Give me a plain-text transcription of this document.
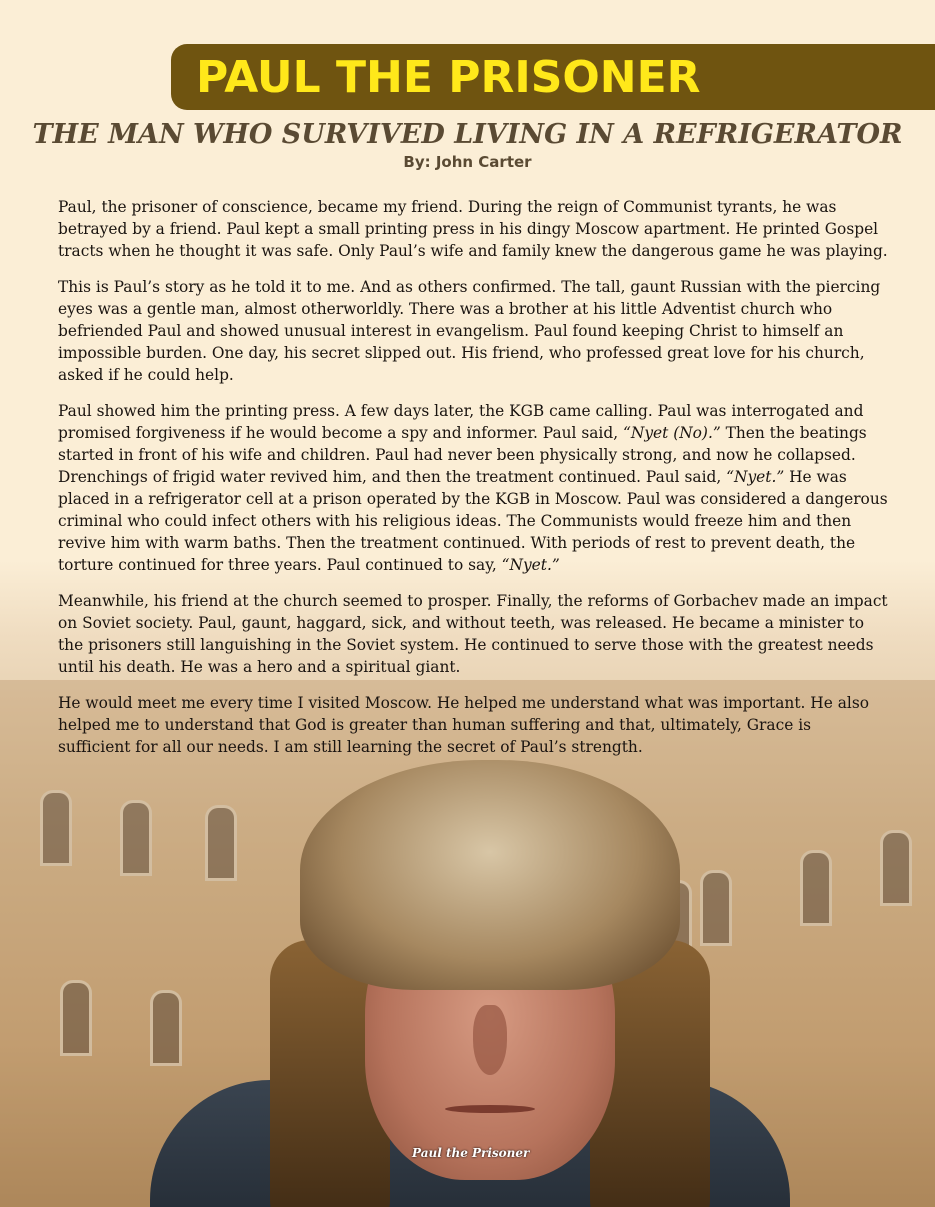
PAUL THE PRISONER
THE MAN WHO SURVIVED LIVING IN A REFRIGERATOR
By: John Carter

Paul, the prisoner of conscience, became my friend. During the reign of Communist tyrants, he was betrayed by a friend. Paul kept a small printing press in his dingy Moscow apartment. He printed Gospel tracts when he thought it was safe. Only Paul’s wife and family knew the dangerous game he was playing.

This is Paul’s story as he told it to me. And as others confirmed. The tall, gaunt Russian with the piercing eyes was a gentle man, almost otherworldly. There was a brother at his little Adventist church who befriended Paul and showed unusual interest in evangelism. Paul found keeping Christ to himself an impossible burden. One day, his secret slipped out. His friend, who professed great love for his church, asked if he could help.

Paul showed him the printing press. A few days later, the KGB came calling. Paul was interrogated and promised forgiveness if he would become a spy and informer. Paul said, “Nyet (No).” Then the beatings started in front of his wife and children. Paul had never been physically strong, and now he collapsed. Drenchings of frigid water revived him, and then the treatment continued. Paul said, “Nyet.” He was placed in a refrigerator cell at a prison operated by the KGB in Moscow. Paul was considered a dangerous criminal who could infect others with his religious ideas. The Communists would freeze him and then revive him with warm baths. Then the treatment continued. With periods of rest to prevent death, the torture continued for three years. Paul continued to say, “Nyet.”

Meanwhile, his friend at the church seemed to prosper. Finally, the reforms of Gorbachev made an impact on Soviet society. Paul, gaunt, haggard, sick, and without teeth, was released. He became a minister to the prisoners still languishing in the Soviet system. He continued to serve those with the greatest needs until his death. He was a hero and a spiritual giant.

He would meet me every time I visited Moscow. He helped me understand what was important. He also helped me to understand that God is greater than human suffering and that, ultimately, Grace is sufficient for all our needs. I am still learning the secret of Paul’s strength.

Paul the Prisoner
